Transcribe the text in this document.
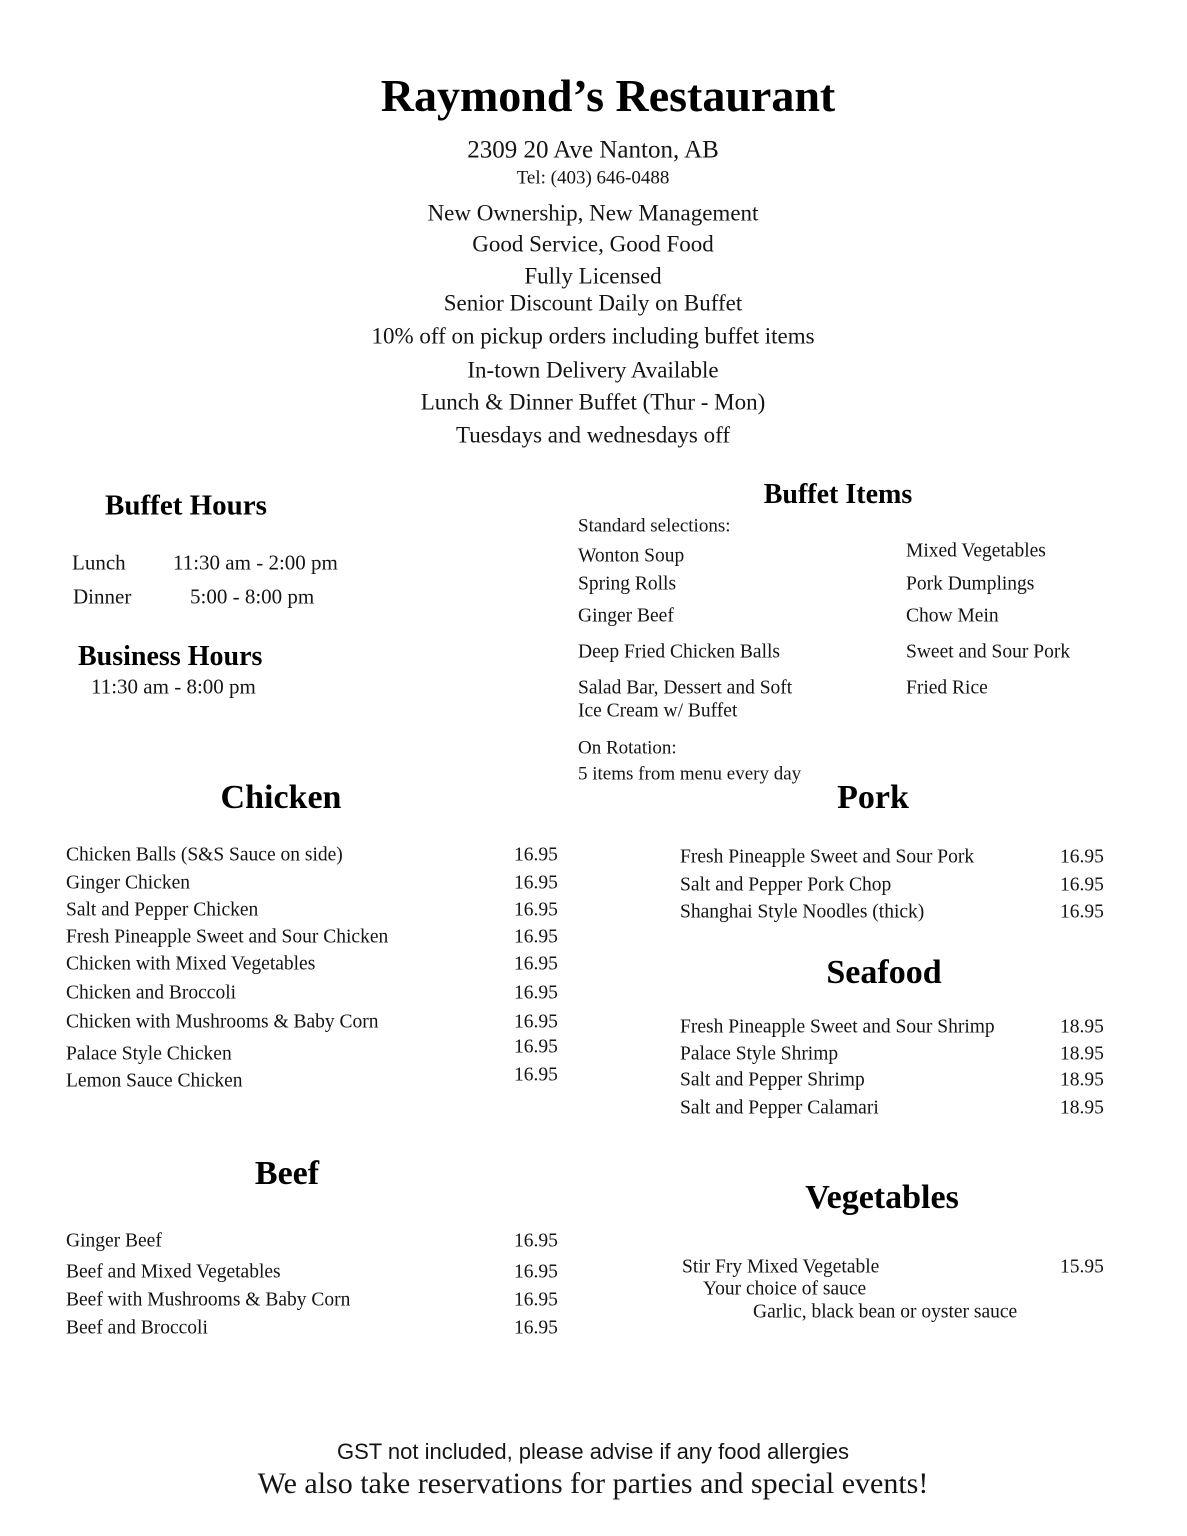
Raymond’s Restaurant
2309 20 Ave Nanton, AB
Tel: (403) 646-0488
New Ownership, New Management
Good Service, Good Food
Fully Licensed
Senior Discount Daily on Buffet
10% off on pickup orders including buffet items
In-town Delivery Available
Lunch & Dinner Buffet (Thur - Mon)
Tuesdays and wednesdays off
Buffet Hours
Lunch 11:30 am - 2:00 pm
Dinner	5:00 - 8:00 pm
Business Hours
11:30 am - 8:00 pm
Buffet Items
Standard selections:
Wonton Soup
Spring Rolls
Ginger Beef
Deep Fried Chicken Balls
Salad Bar, Dessert and Soft
Ice Cream w/ Buffet
Mixed Vegetables
Pork Dumplings
Chow Mein
Sweet and Sour Pork
Fried Rice
On Rotation:
5 items from menu every day
Chicken
Chicken Balls (S&S Sauce on side)	16.95
Ginger Chicken	16.95
Salt and Pepper Chicken	16.95
Fresh Pineapple Sweet and Sour Chicken	16.95
Chicken with Mixed Vegetables	16.95
Chicken and Broccoli	16.95
Chicken with Mushrooms & Baby Corn	16.95
Palace Style Chicken	16.95
Lemon Sauce Chicken	16.95
Pork
Fresh Pineapple Sweet and Sour Pork	16.95
Salt and Pepper Pork Chop	16.95
Shanghai Style Noodles (thick)	16.95
Seafood
Fresh Pineapple Sweet and Sour Shrimp	18.95
Palace Style Shrimp	18.95
Salt and Pepper Shrimp	18.95
Salt and Pepper Calamari	18.95
Beef
Ginger Beef	16.95
Beef and Mixed Vegetables	16.95
Beef with Mushrooms & Baby Corn	16.95
Beef and Broccoli	16.95
Vegetables
Stir Fry Mixed Vegetable	15.95
Your choice of sauce
Garlic, black bean or oyster sauce
GST not included, please advise if any food allergies
We also take reservations for parties and special events!
